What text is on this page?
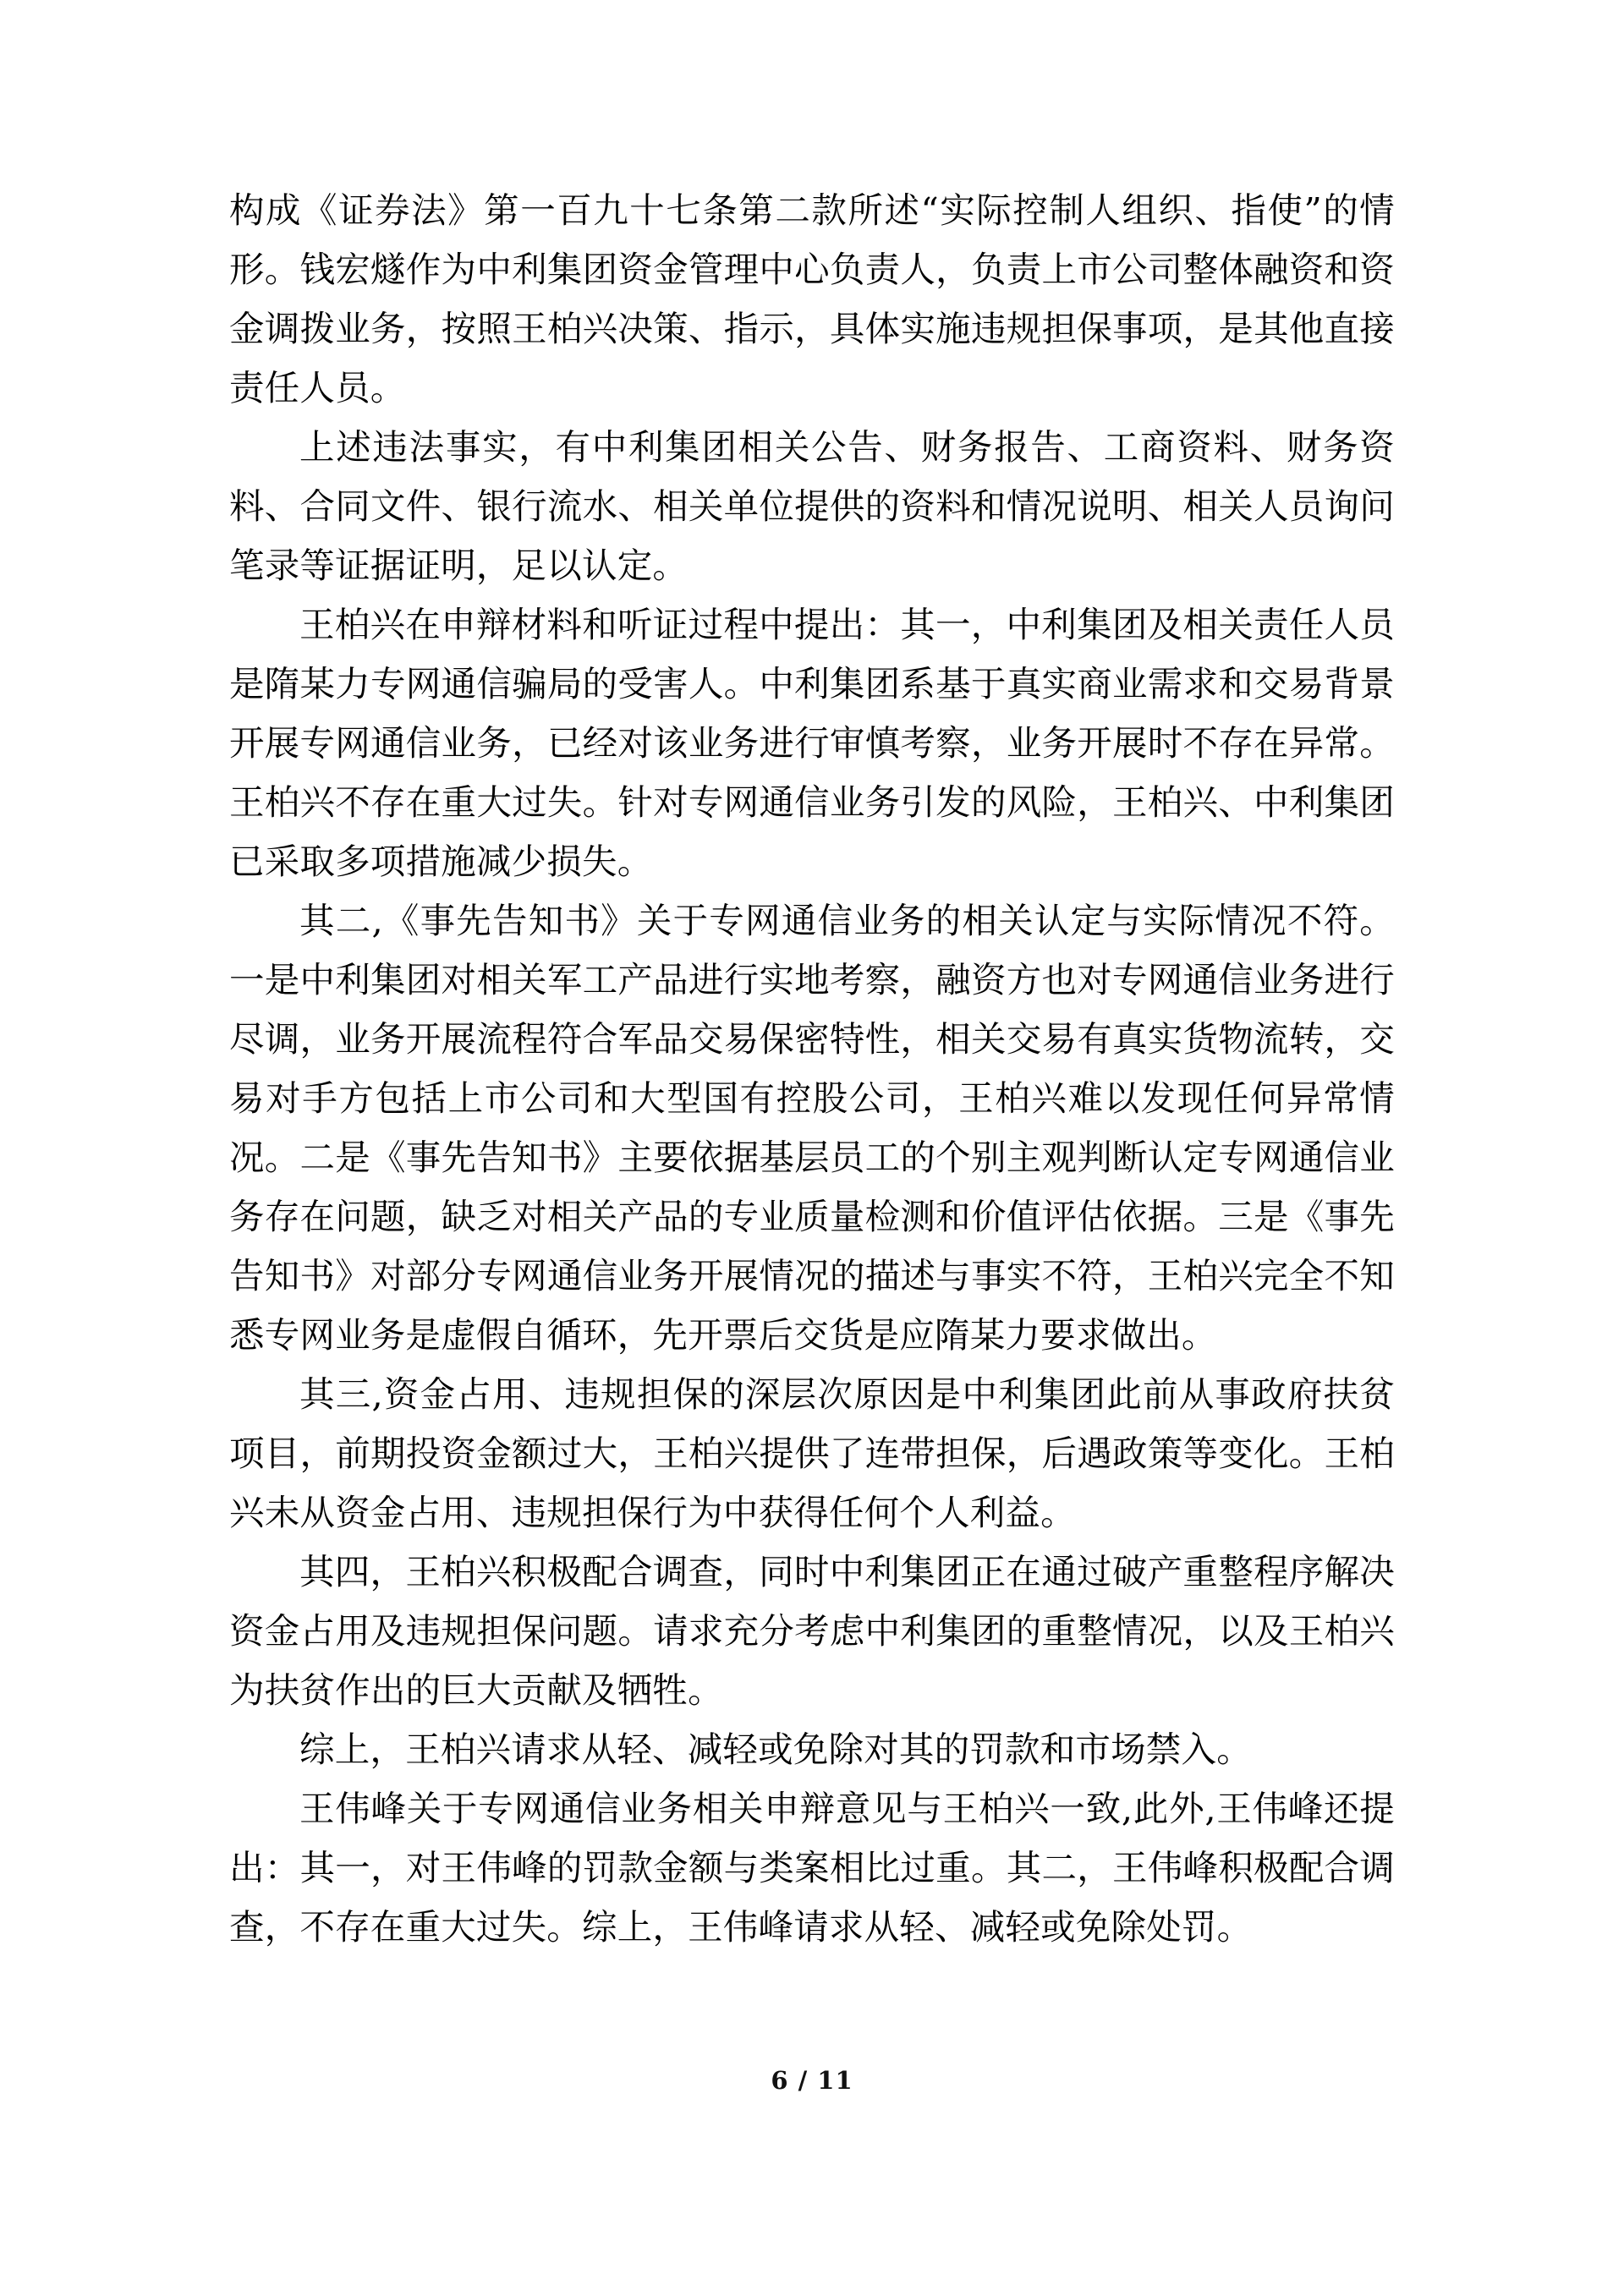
构成《证券法》第一百九十七条第二款所述“实际控制人组织、指使”的情形。钱宏燧作为中利集团资金管理中心负责人，负责上市公司整体融资和资金调拨业务，按照王柏兴决策、指示，具体实施违规担保事项，是其他直接责任人员。

上述违法事实，有中利集团相关公告、财务报告、工商资料、财务资料、合同文件、银行流水、相关单位提供的资料和情况说明、相关人员询问笔录等证据证明，足以认定。

王柏兴在申辩材料和听证过程中提出：其一，中利集团及相关责任人员是隋某力专网通信骗局的受害人。中利集团系基于真实商业需求和交易背景开展专网通信业务，已经对该业务进行审慎考察，业务开展时不存在异常。王柏兴不存在重大过失。针对专网通信业务引发的风险，王柏兴、中利集团已采取多项措施减少损失。

其二,《事先告知书》关于专网通信业务的相关认定与实际情况不符。一是中利集团对相关军工产品进行实地考察，融资方也对专网通信业务进行尽调，业务开展流程符合军品交易保密特性，相关交易有真实货物流转，交易对手方包括上市公司和大型国有控股公司，王柏兴难以发现任何异常情况。二是《事先告知书》主要依据基层员工的个别主观判断认定专网通信业务存在问题，缺乏对相关产品的专业质量检测和价值评估依据。三是《事先告知书》对部分专网通信业务开展情况的描述与事实不符，王柏兴完全不知悉专网业务是虚假自循环，先开票后交货是应隋某力要求做出。

其三,资金占用、违规担保的深层次原因是中利集团此前从事政府扶贫项目，前期投资金额过大，王柏兴提供了连带担保，后遇政策等变化。王柏兴未从资金占用、违规担保行为中获得任何个人利益。

其四，王柏兴积极配合调查，同时中利集团正在通过破产重整程序解决资金占用及违规担保问题。请求充分考虑中利集团的重整情况，以及王柏兴为扶贫作出的巨大贡献及牺牲。

综上，王柏兴请求从轻、减轻或免除对其的罚款和市场禁入。

王伟峰关于专网通信业务相关申辩意见与王柏兴一致,此外,王伟峰还提出：其一，对王伟峰的罚款金额与类案相比过重。其二，王伟峰积极配合调查，不存在重大过失。综上，王伟峰请求从轻、减轻或免除处罚。

6 / 11
